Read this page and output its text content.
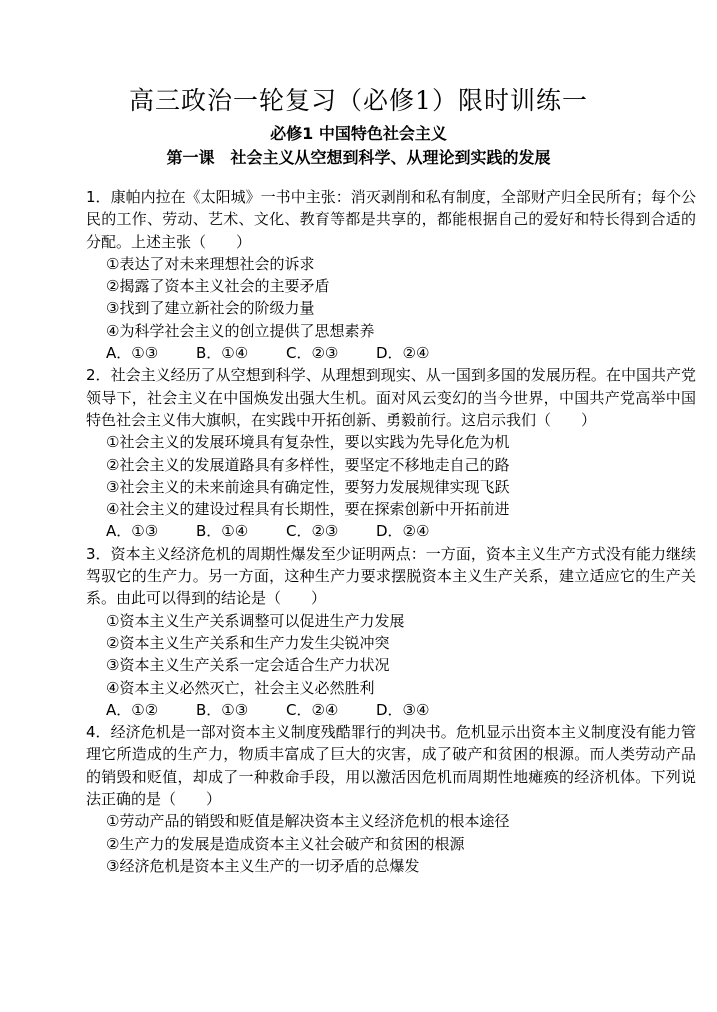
高三政治一轮复习（必修1）限时训练一
必修1 中国特色社会主义
第一课　社会主义从空想到科学、从理论到实践的发展

1．康帕内拉在《太阳城》一书中主张：消灭剥削和私有制度，全部财产归全民所有；每个公民的工作、劳动、艺术、文化、教育等都是共享的，都能根据自己的爱好和特长得到合适的分配。上述主张（　　）

①表达了对未来理想社会的诉求

②揭露了资本主义社会的主要矛盾

③找到了建立新社会的阶级力量

④为科学社会主义的创立提供了思想素养

A．①③	B．①④	C．②③	D．②④

2．社会主义经历了从空想到科学、从理想到现实、从一国到多国的发展历程。在中国共产党领导下，社会主义在中国焕发出强大生机。面对风云变幻的当今世界，中国共产党高举中国特色社会主义伟大旗帜，在实践中开拓创新、勇毅前行。这启示我们（　　）

①社会主义的发展环境具有复杂性，要以实践为先导化危为机

②社会主义的发展道路具有多样性，要坚定不移地走自己的路

③社会主义的未来前途具有确定性，要努力发展规律实现飞跃

④社会主义的建设过程具有长期性，要在探索创新中开拓前进

A．①③	B．①④	C．②③	D．②④

3．资本主义经济危机的周期性爆发至少证明两点：一方面，资本主义生产方式没有能力继续驾驭它的生产力。另一方面，这种生产力要求摆脱资本主义生产关系，建立适应它的生产关系。由此可以得到的结论是（　　）

①资本主义生产关系调整可以促进生产力发展

②资本主义生产关系和生产力发生尖锐冲突

③资本主义生产关系一定会适合生产力状况

④资本主义必然灭亡，社会主义必然胜利

A．①②	B．①③	C．②④	D．③④

4．经济危机是一部对资本主义制度残酷罪行的判决书。危机显示出资本主义制度没有能力管理它所造成的生产力，物质丰富成了巨大的灾害，成了破产和贫困的根源。而人类劳动产品的销毁和贬值，却成了一种救命手段，用以激活因危机而周期性地瘫痪的经济机体。下列说法正确的是（　　）

①劳动产品的销毁和贬值是解决资本主义经济危机的根本途径

②生产力的发展是造成资本主义社会破产和贫困的根源

③经济危机是资本主义生产的一切矛盾的总爆发
